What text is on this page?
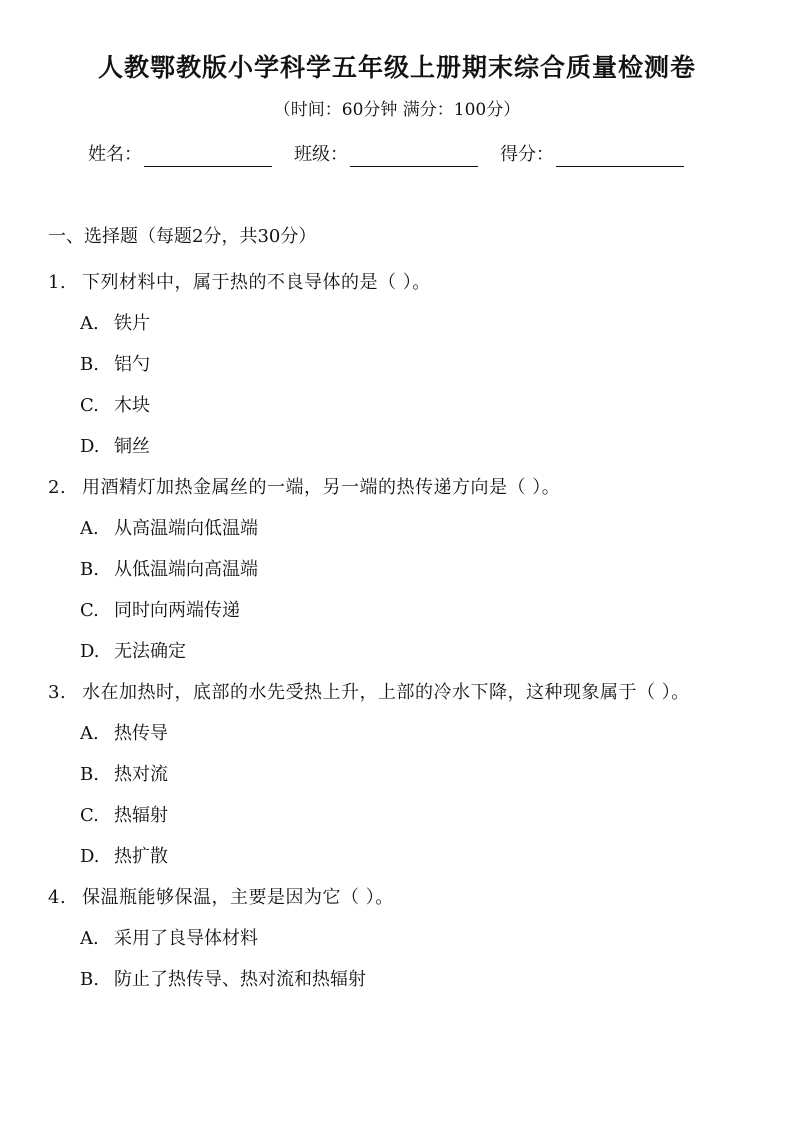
人教鄂教版小学科学五年级上册期末综合质量检测卷
（时间：60分钟 满分：100分）
姓名：	班级：	得分：
一、选择题（每题2分，共30分）
1. 下列材料中，属于热的不良导体的是（ ）。
A. 铁片
B. 铝勺
C. 木块
D. 铜丝
2. 用酒精灯加热金属丝的一端，另一端的热传递方向是（ ）。
A. 从高温端向低温端
B. 从低温端向高温端
C. 同时向两端传递
D. 无法确定
3. 水在加热时，底部的水先受热上升，上部的冷水下降，这种现象属于（ ）。
A. 热传导
B. 热对流
C. 热辐射
D. 热扩散
4. 保温瓶能够保温，主要是因为它（ ）。
A. 采用了良导体材料
B. 防止了热传导、热对流和热辐射
